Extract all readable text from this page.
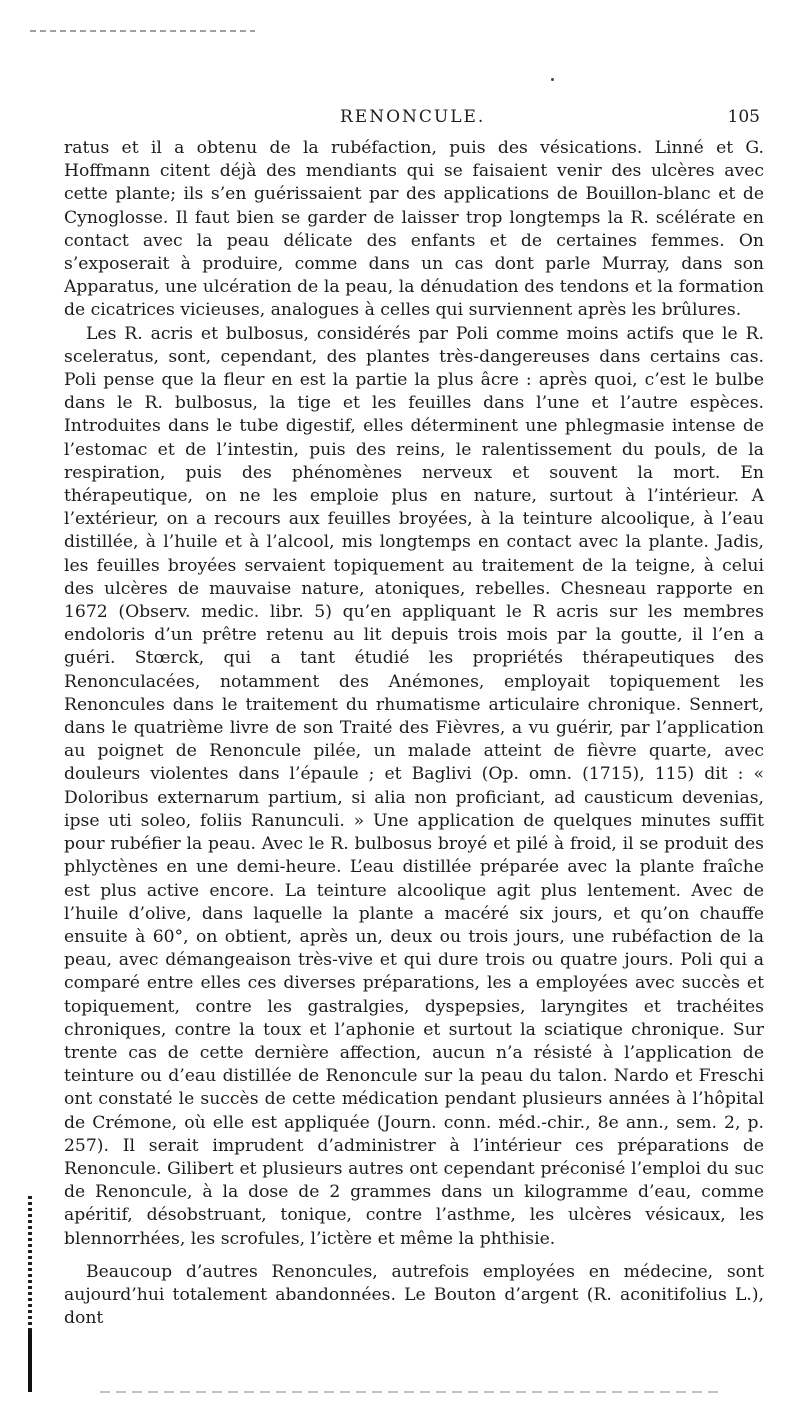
RENONCULE.	105

ratus et il a obtenu de la rubéfaction, puis des vésications. Linné et G. Hoffmann citent déjà des mendiants qui se faisaient venir des ulcères avec cette plante; ils s’en guérissaient par des applications de Bouillon-blanc et de Cynoglosse. Il faut bien se garder de laisser trop longtemps la R. scélérate en contact avec la peau délicate des enfants et de certaines femmes. On s’exposerait à produire, comme dans un cas dont parle Murray, dans son Apparatus, une ulcération de la peau, la dénudation des tendons et la formation de cicatrices vicieuses, analogues à celles qui surviennent après les brûlures.

Les R. acris et bulbosus, considérés par Poli comme moins actifs que le R. sceleratus, sont, cependant, des plantes très-dangereuses dans certains cas. Poli pense que la fleur en est la partie la plus âcre : après quoi, c’est le bulbe dans le R. bulbosus, la tige et les feuilles dans l’une et l’autre espèces. Introduites dans le tube digestif, elles déterminent une phlegmasie intense de l’estomac et de l’intestin, puis des reins, le ralentissement du pouls, de la respiration, puis des phénomènes nerveux et souvent la mort. En thérapeutique, on ne les emploie plus en nature, surtout à l’intérieur. A l’extérieur, on a recours aux feuilles broyées, à la teinture alcoolique, à l’eau distillée, à l’huile et à l’alcool, mis longtemps en contact avec la plante. Jadis, les feuilles broyées servaient topiquement au traitement de la teigne, à celui des ulcères de mauvaise nature, atoniques, rebelles. Chesneau rapporte en 1672 (Observ. medic. libr. 5) qu’en appliquant le R acris sur les membres endoloris d’un prêtre retenu au lit depuis trois mois par la goutte, il l’en a guéri. Stœrck, qui a tant étudié les propriétés thérapeutiques des Renonculacées, notamment des Anémones, employait topiquement les Renoncules dans le traitement du rhumatisme articulaire chronique. Sennert, dans le quatrième livre de son Traité des Fièvres, a vu guérir, par l’application au poignet de Renoncule pilée, un malade atteint de fièvre quarte, avec douleurs violentes dans l’épaule ; et Baglivi (Op. omn. (1715), 115) dit : « Doloribus externarum partium, si alia non proficiant, ad causticum devenias, ipse uti soleo, foliis Ranunculi. » Une application de quelques minutes suffit pour rubéfier la peau. Avec le R. bulbosus broyé et pilé à froid, il se produit des phlyctènes en une demi-heure. L’eau distillée préparée avec la plante fraîche est plus active encore. La teinture alcoolique agit plus lentement. Avec de l’huile d’olive, dans laquelle la plante a macéré six jours, et qu’on chauffe ensuite à 60°, on obtient, après un, deux ou trois jours, une rubéfaction de la peau, avec démangeaison très-vive et qui dure trois ou quatre jours. Poli qui a comparé entre elles ces diverses préparations, les a employées avec succès et topiquement, contre les gastralgies, dyspepsies, laryngites et trachéites chroniques, contre la toux et l’aphonie et surtout la sciatique chronique. Sur trente cas de cette dernière affection, aucun n’a résisté à l’application de teinture ou d’eau distillée de Renoncule sur la peau du talon. Nardo et Freschi ont constaté le succès de cette médication pendant plusieurs années à l’hôpital de Crémone, où elle est appliquée (Journ. conn. méd.-chir., 8e ann., sem. 2, p. 257). Il serait imprudent d’administrer à l’intérieur ces préparations de Renoncule. Gilibert et plusieurs autres ont cependant préconisé l’emploi du suc de Renoncule, à la dose de 2 grammes dans un kilogramme d’eau, comme apéritif, désobstruant, tonique, contre l’asthme, les ulcères vésicaux, les blennorrhées, les scrofules, l’ictère et même la phthisie.

Beaucoup d’autres Renoncules, autrefois employées en médecine, sont aujourd’hui totalement abandonnées. Le Bouton d’argent (R. aconitifolius L.), dont
